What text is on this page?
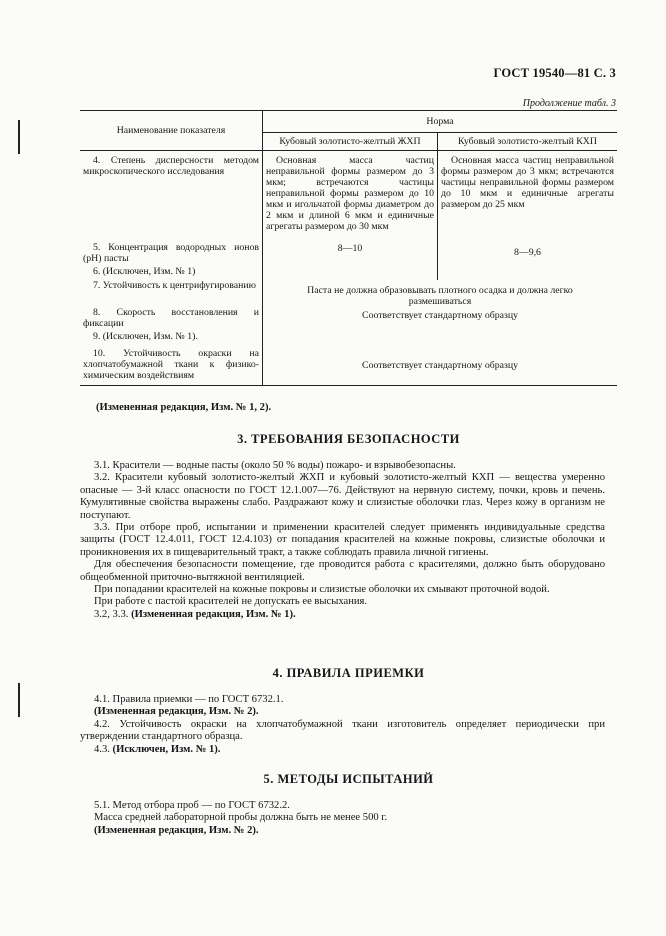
ГОСТ 19540—81 С. 3
Продолжение табл. 3
Наименование показателя	Норма	
	Кубовый золотисто-желтый ЖХП	Кубовый золотисто-желтый КХП

4. Степень дисперсности методом микроскопического исследования	Основная масса частиц неправильной формы размером до 3 мкм; встречаются частицы неправильной формы размером до 10 мкм и игольчатой формы диаметром до 2 мкм и длиной 6 мкм и единичные агрегаты размером до 30 мкм	Основная масса частиц неправильной формы размером до 3 мкм; встречаются частицы неправильной формы размером до 10 мкм и единичные агрегаты размером до 25 мкм

5. Концентрация водородных ионов (pH) пасты	8—10	8—9,6
6. (Исключен, Изм. № 1)		

7. Устойчивость к центрифугированию	Паста не должна образовывать плотного осадка и должна легко размешиваться	

8. Скорость восстановления и фиксации	Соответствует стандартному образцу	
9. (Исключен, Изм. № 1).		

10. Устойчивость окраски на хлопчатобумажной ткани к физико-химическим воздействиям	Соответствует стандартному образцу	
(Измененная редакция, Изм. № 1, 2).
3. ТРЕБОВАНИЯ БЕЗОПАСНОСТИ

3.1. Красители — водные пасты (около 50 % воды) пожаро- и взрывобезопасны.

3.2. Красители кубовый золотисто-желтый ЖХП и кубовый золотисто-желтый КХП — вещества умеренно опасные — 3-й класс опасности по ГОСТ 12.1.007—76. Действуют на нервную систему, почки, кровь и печень. Кумулятивные свойства выражены слабо. Раздражают кожу и слизистые оболочки глаз. Через кожу в организм не поступают.

3.3. При отборе проб, испытании и применении красителей следует применять индивидуальные средства защиты (ГОСТ 12.4.011, ГОСТ 12.4.103) от попадания красителей на кожные покровы, слизистые оболочки и проникновения их в пищеварительный тракт, а также соблюдать правила личной гигиены.

Для обеспечения безопасности помещение, где проводится работа с красителями, должно быть оборудовано общеобменной приточно-вытяжной вентиляцией.

При попадании красителей на кожные покровы и слизистые оболочки их смывают проточной водой.

При работе с пастой красителей не допускать ее высыхания.

3.2, 3.3. (Измененная редакция, Изм. № 1).

4. ПРАВИЛА ПРИЕМКИ

4.1. Правила приемки — по ГОСТ 6732.1.

(Измененная редакция, Изм. № 2).

4.2. Устойчивость окраски на хлопчатобумажной ткани изготовитель определяет периодически при утверждении стандартного образца.

4.3. (Исключен, Изм. № 1).

5. МЕТОДЫ ИСПЫТАНИЙ

5.1. Метод отбора проб — по ГОСТ 6732.2.

Масса средней лабораторной пробы должна быть не менее 500 г.

(Измененная редакция, Изм. № 2).
